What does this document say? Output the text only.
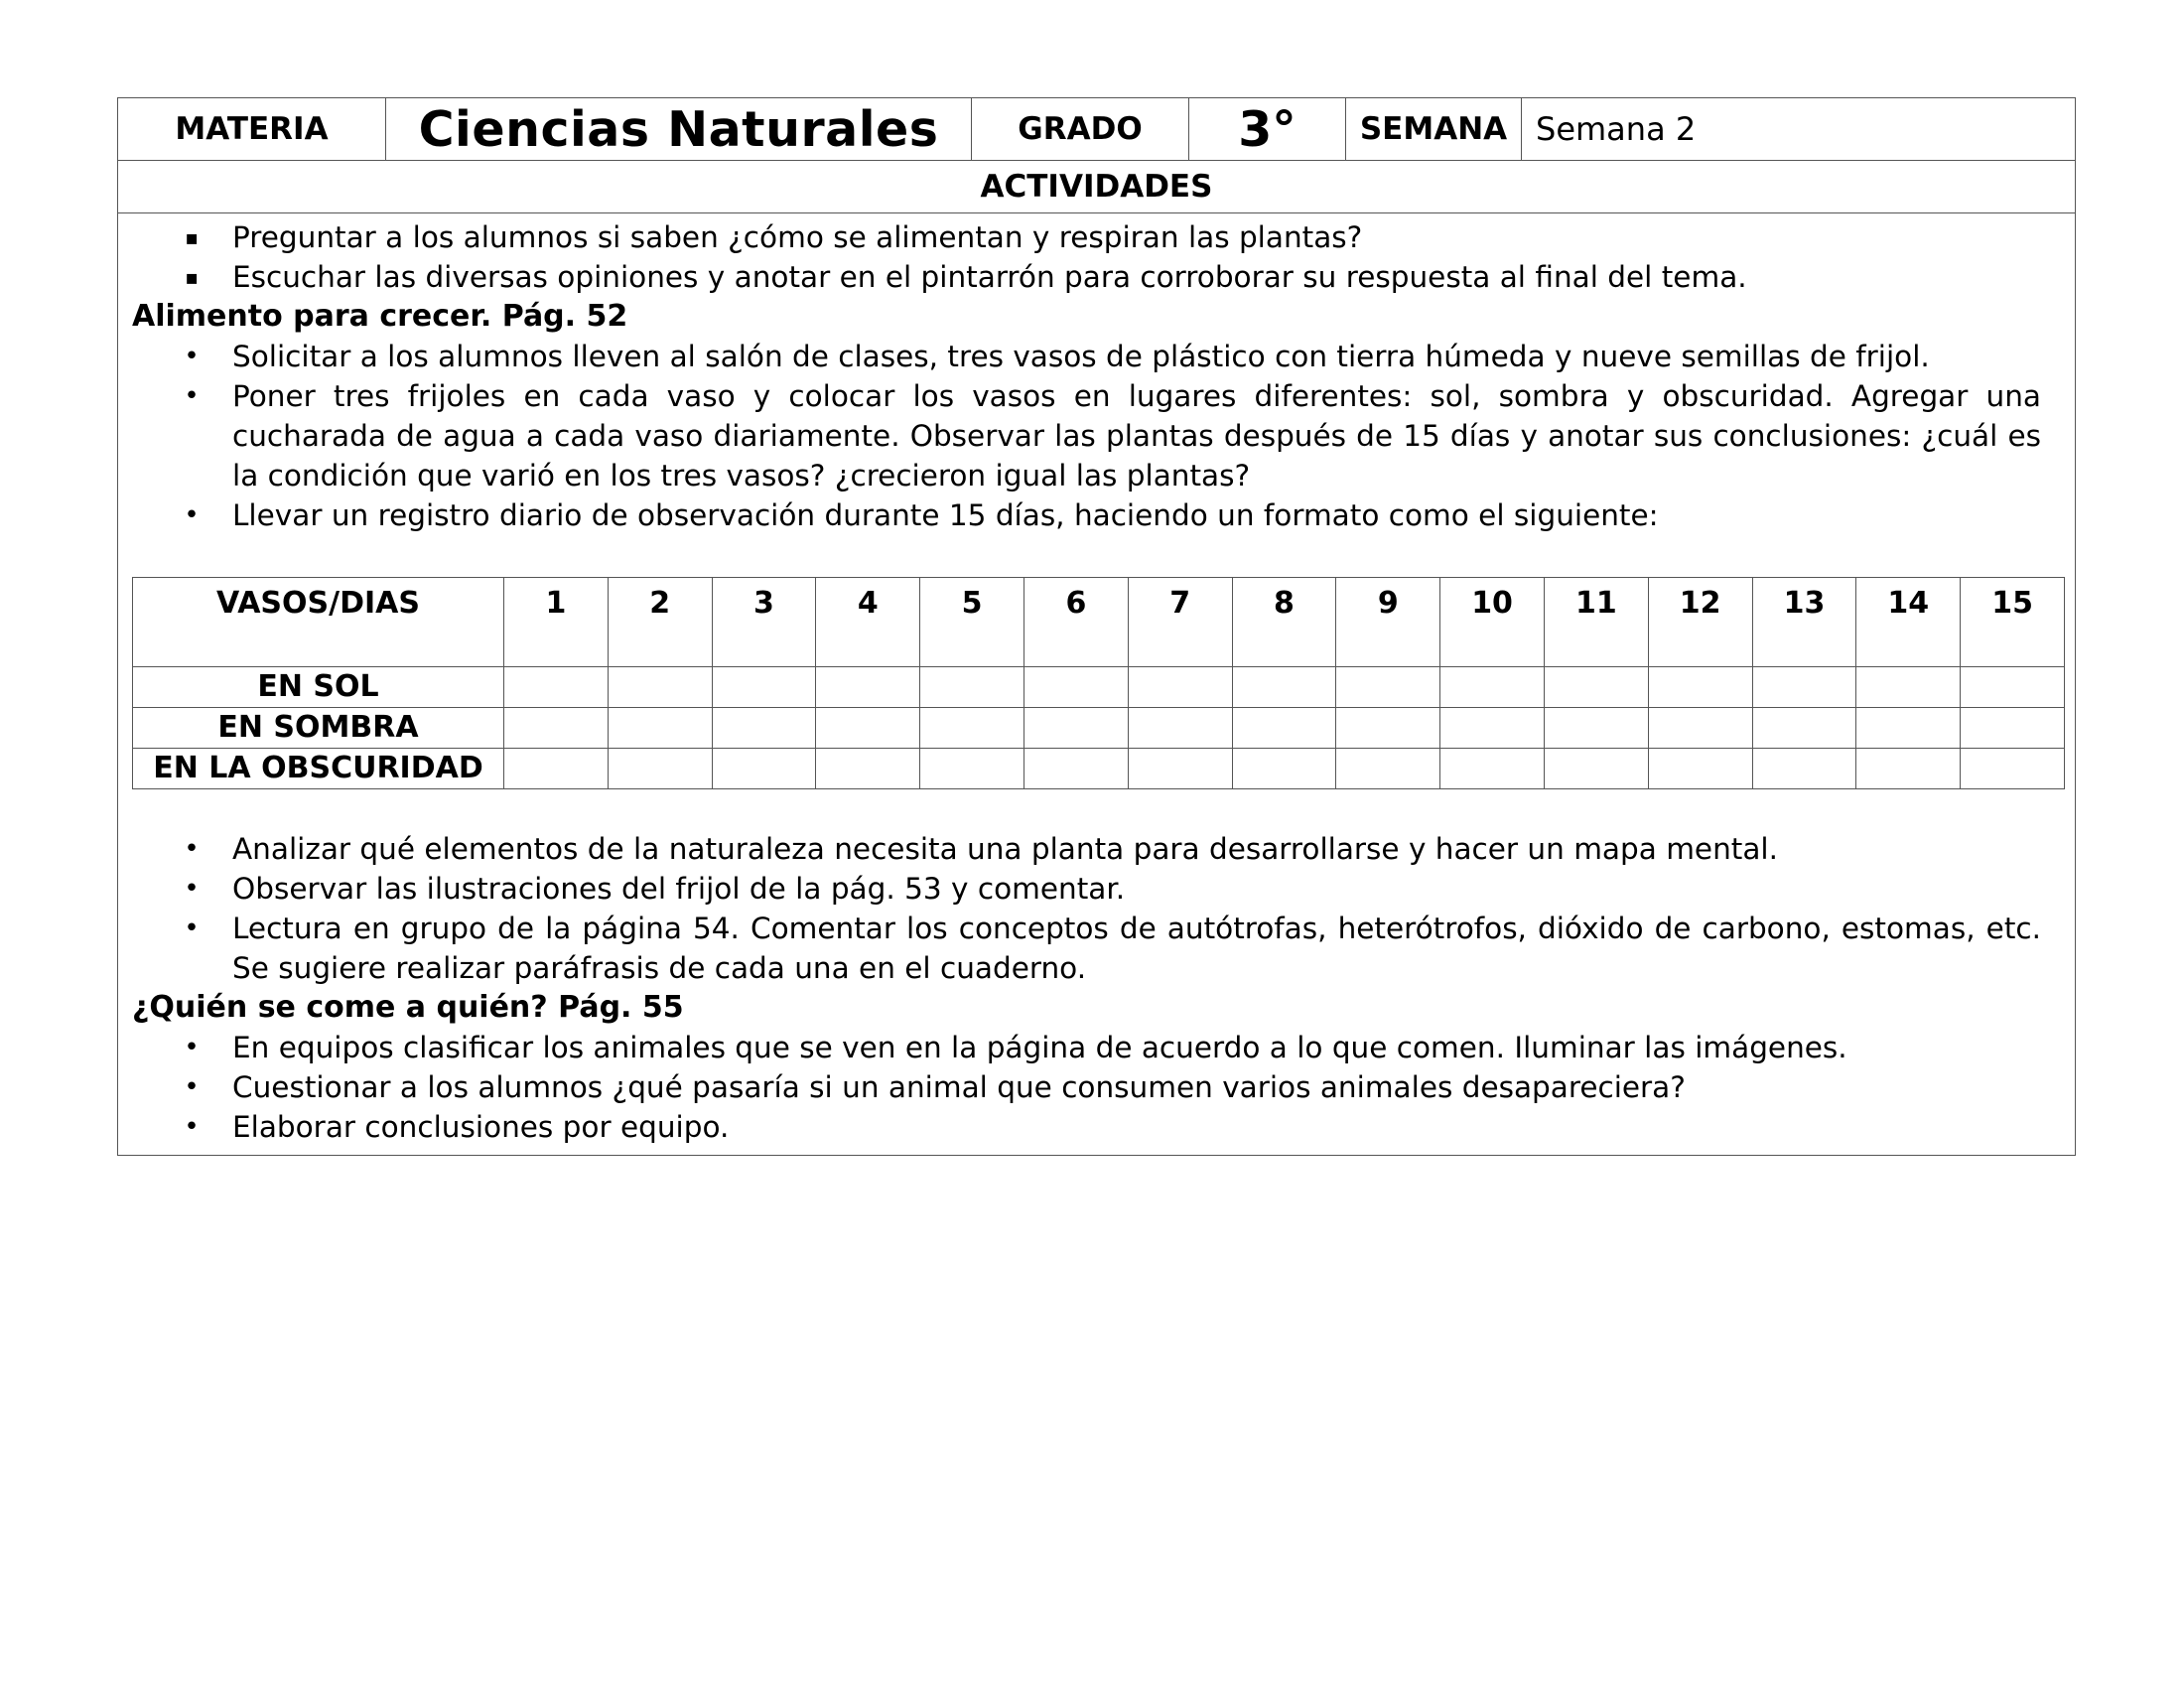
MATERIA	Ciencias Naturales	GRADO	3°	SEMANA Semana 2
ACTIVIDADES
▪ Preguntar a los alumnos si saben ¿cómo se alimentan y respiran las plantas?
▪ Escuchar las diversas opiniones y anotar en el pintarrón para corroborar su respuesta al final del tema.
Alimento para crecer. Pág. 52
• Solicitar a los alumnos lleven al salón de clases, tres vasos de plástico con tierra húmeda y nueve semillas de frijol.
• Poner tres frijoles en cada vaso y colocar los vasos en lugares diferentes: sol, sombra y obscuridad. Agregar una cucharada de agua a cada vaso diariamente. Observar las plantas después de 15 días y anotar sus conclusiones: ¿cuál es la condición que varió en los tres vasos? ¿crecieron igual las plantas?
• Llevar un registro diario de observación durante 15 días, haciendo un formato como el siguiente:
VASOS/DIAS	1	2	3	4	5	6	7	8	9	10	11	12	13	14	15
EN SOL															
EN SOMBRA															
EN LA OBSCURIDAD															
• Analizar qué elementos de la naturaleza necesita una planta para desarrollarse y hacer un mapa mental.
• Observar las ilustraciones del frijol de la pág. 53 y comentar.
• Lectura en grupo de la página 54. Comentar los conceptos de autótrofas, heterótrofos, dióxido de carbono, estomas, etc. Se sugiere realizar paráfrasis de cada una en el cuaderno.
¿Quién se come a quién? Pág. 55
• En equipos clasificar los animales que se ven en la página de acuerdo a lo que comen. Iluminar las imágenes.
• Cuestionar a los alumnos ¿qué pasaría si un animal que consumen varios animales desapareciera?
• Elaborar conclusiones por equipo.
